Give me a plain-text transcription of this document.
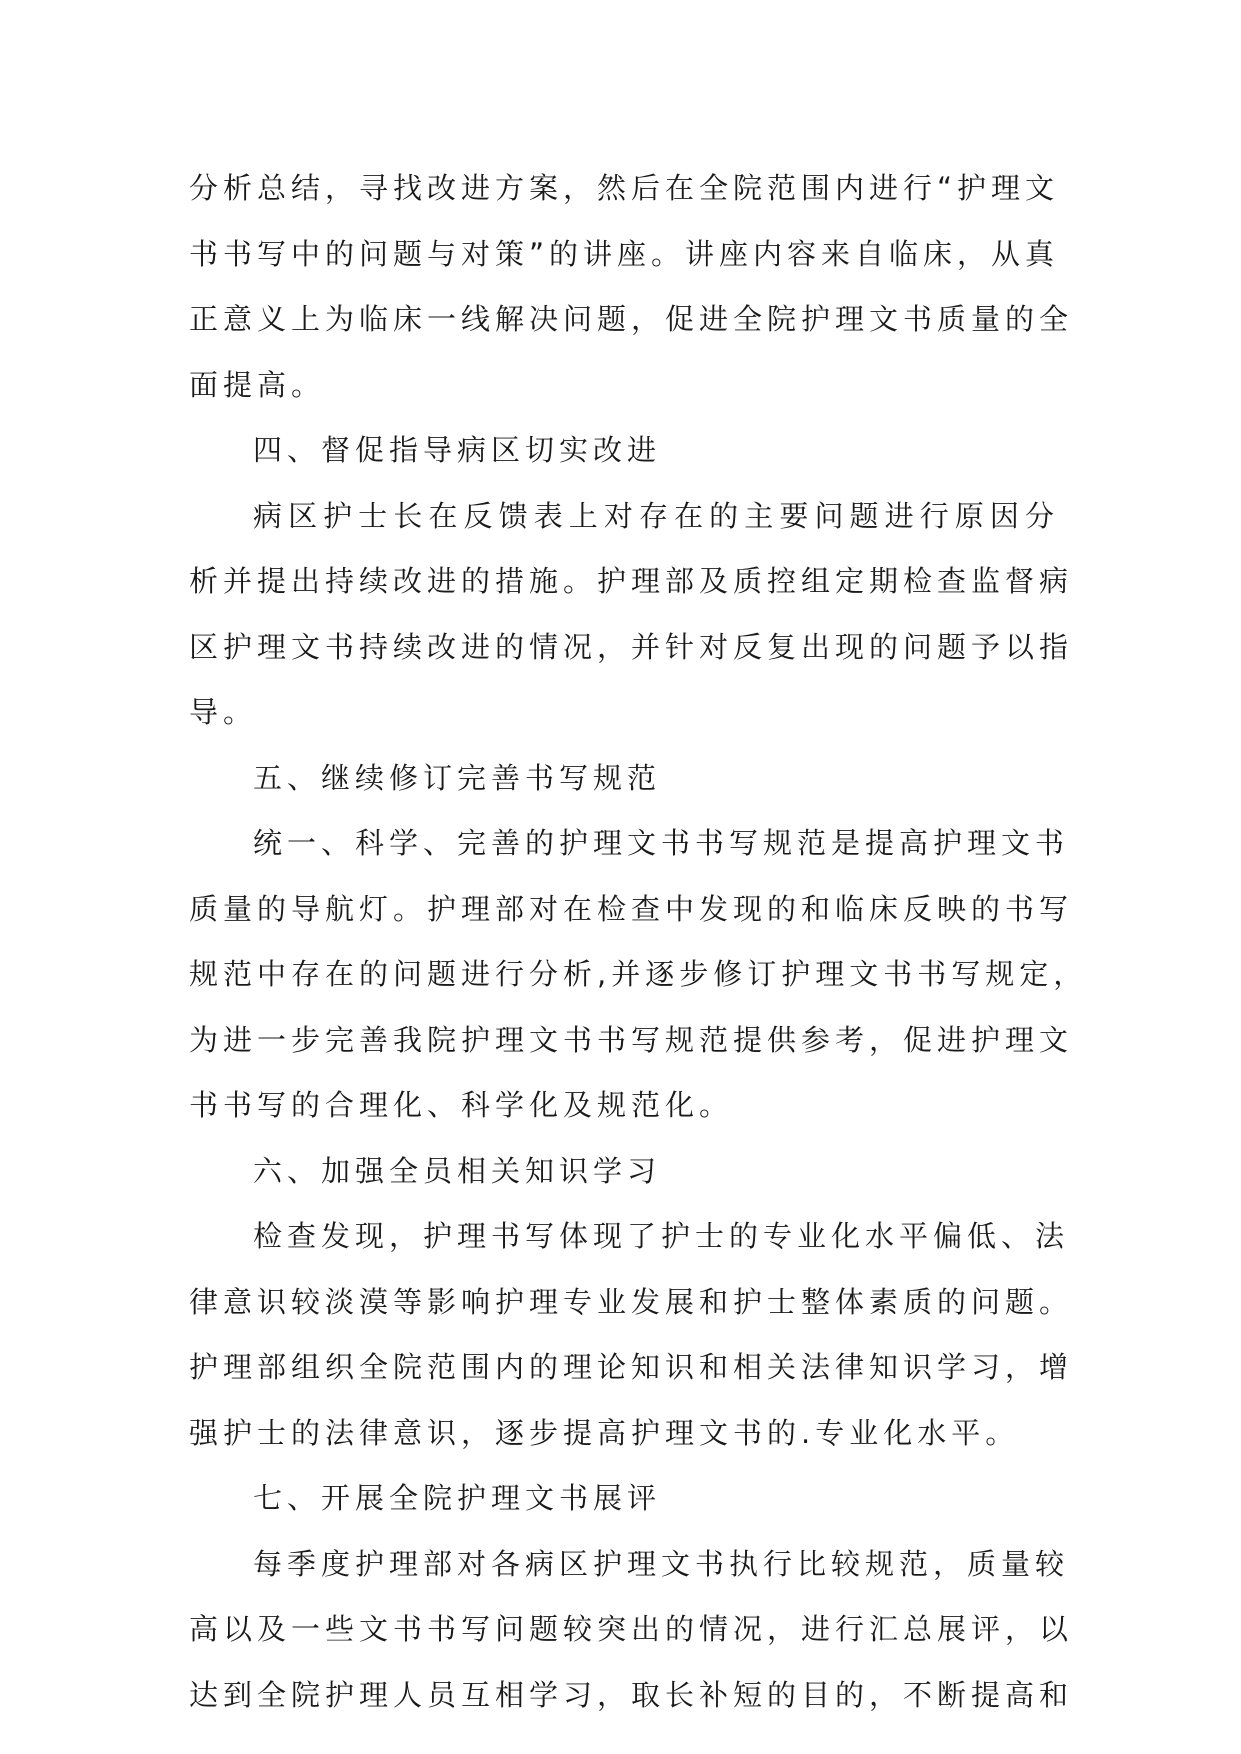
分析总结，寻找改进方案，然后在全院范围内进行“护理文
书书写中的问题与对策”的讲座。讲座内容来自临床，从真
正意义上为临床一线解决问题，促进全院护理文书质量的全
面提高。
四、督促指导病区切实改进
病区护士长在反馈表上对存在的主要问题进行原因分
析并提出持续改进的措施。护理部及质控组定期检查监督病
区护理文书持续改进的情况，并针对反复出现的问题予以指
导。
五、继续修订完善书写规范
统一、科学、完善的护理文书书写规范是提高护理文书
质量的导航灯。护理部对在检查中发现的和临床反映的书写
规范中存在的问题进行分析,并逐步修订护理文书书写规定，
为进一步完善我院护理文书书写规范提供参考，促进护理文
书书写的合理化、科学化及规范化。
六、加强全员相关知识学习
检查发现，护理书写体现了护士的专业化水平偏低、法
律意识较淡漠等影响护理专业发展和护士整体素质的问题。
护理部组织全院范围内的理论知识和相关法律知识学习，增
强护士的法律意识，逐步提高护理文书的.专业化水平。
七、开展全院护理文书展评
每季度护理部对各病区护理文书执行比较规范，质量较
高以及一些文书书写问题较突出的情况，进行汇总展评，以
达到全院护理人员互相学习，取长补短的目的，不断提高和
